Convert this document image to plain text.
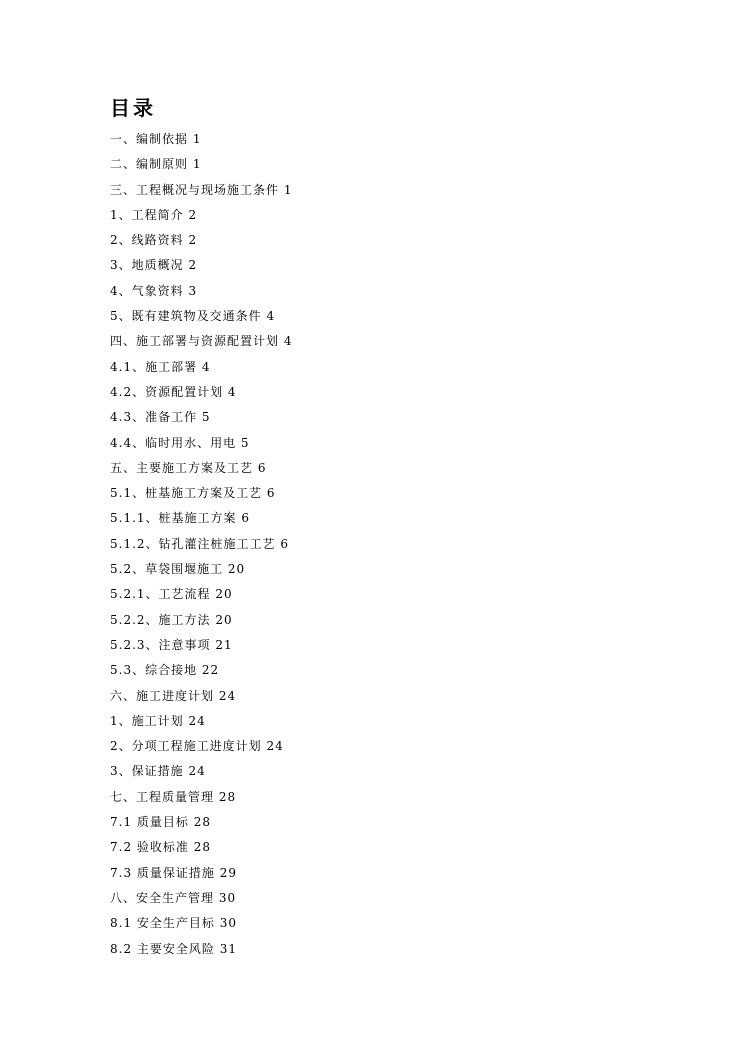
目录
一、编制依据 1
二、编制原则 1
三、工程概况与现场施工条件 1
1、工程简介 2
2、线路资料 2
3、地质概况 2
4、气象资料 3
5、既有建筑物及交通条件 4
四、施工部署与资源配置计划 4
4.1、施工部署 4
4.2、资源配置计划 4
4.3、准备工作 5
4.4、临时用水、用电 5
五、主要施工方案及工艺 6
5.1、桩基施工方案及工艺 6
5.1.1、桩基施工方案 6
5.1.2、钻孔灌注桩施工工艺 6
5.2、草袋围堰施工 20
5.2.1、工艺流程 20
5.2.2、施工方法 20
5.2.3、注意事项 21
5.3、综合接地 22
六、施工进度计划 24
1、施工计划 24
2、分项工程施工进度计划 24
3、保证措施 24
七、工程质量管理 28
7.1 质量目标 28
7.2 验收标准 28
7.3 质量保证措施 29
八、安全生产管理 30
8.1 安全生产目标 30
8.2 主要安全风险 31
